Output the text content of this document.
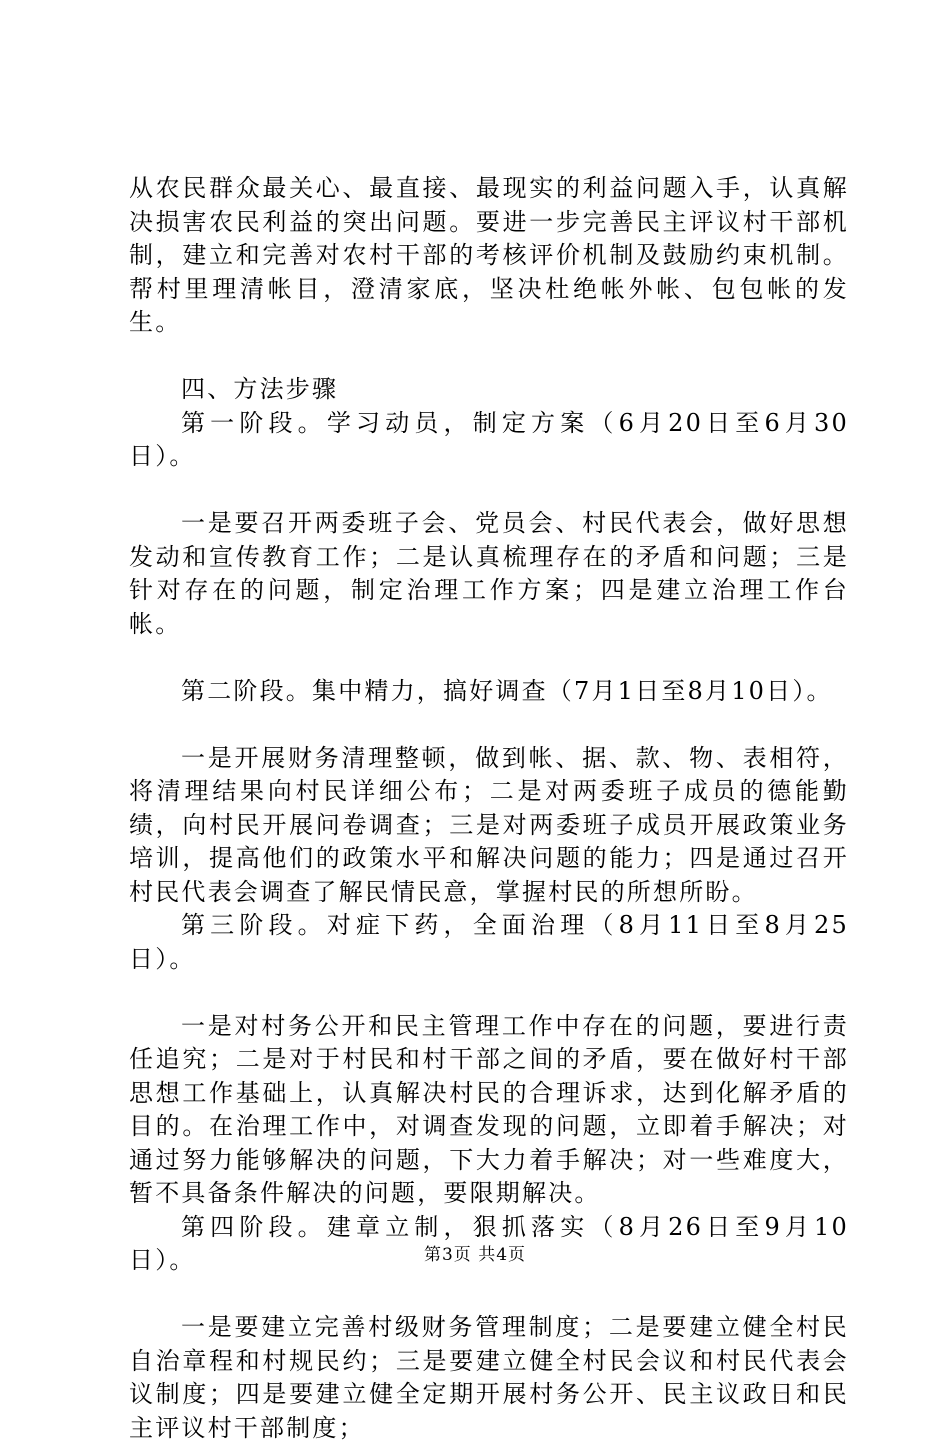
从农民群众最关心、最直接、最现实的利益问题入手，认真解决损害农民利益的突出问题。要进一步完善民主评议村干部机制，建立和完善对农村干部的考核评价机制及鼓励约束机制。帮村里理清帐目，澄清家底，坚决杜绝帐外帐、包包帐的发生。

四、方法步骤

第一阶段。学习动员，制定方案（6月20日至6月30日）。

一是要召开两委班子会、党员会、村民代表会，做好思想发动和宣传教育工作；二是认真梳理存在的矛盾和问题；三是针对存在的问题，制定治理工作方案；四是建立治理工作台帐。

第二阶段。集中精力，搞好调查（7月1日至8月10日）。

一是开展财务清理整顿，做到帐、据、款、物、表相符，将清理结果向村民详细公布；二是对两委班子成员的德能勤绩，向村民开展问卷调查；三是对两委班子成员开展政策业务培训，提高他们的政策水平和解决问题的能力；四是通过召开村民代表会调查了解民情民意，掌握村民的所想所盼。

第三阶段。对症下药，全面治理（8月11日至8月25日）。

一是对村务公开和民主管理工作中存在的问题，要进行责任追究；二是对于村民和村干部之间的矛盾，要在做好村干部思想工作基础上，认真解决村民的合理诉求，达到化解矛盾的目的。在治理工作中，对调查发现的问题，立即着手解决；对通过努力能够解决的问题，下大力着手解决；对一些难度大，暂不具备条件解决的问题，要限期解决。

第四阶段。建章立制，狠抓落实（8月26日至9月10日）。

一是要建立完善村级财务管理制度；二是要建立健全村民自治章程和村规民约；三是要建立健全村民会议和村民代表会议制度；四是要建立健全定期开展村务公开、民主议政日和民主评议村干部制度；

第3页 共4页
